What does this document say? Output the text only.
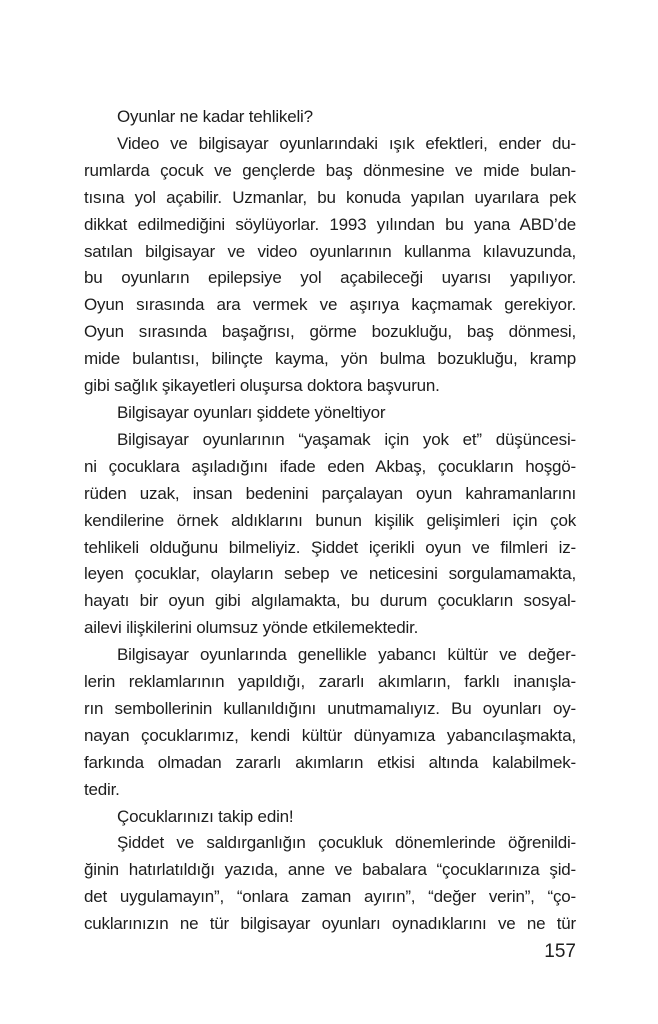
Oyunlar ne kadar tehlikeli?
Video ve bilgisayar oyunlarındaki ışık efektleri, ender du-
rumlarda çocuk ve gençlerde baş dönmesine ve mide bulan-
tısına yol açabilir. Uzmanlar, bu konuda yapılan uyarılara pek
dikkat edilmediğini söylüyorlar. 1993 yılından bu yana ABD’de
satılan bilgisayar ve video oyunlarının kullanma kılavuzunda,
bu oyunların epilepsiye yol açabileceği uyarısı yapılıyor.
Oyun sırasında ara vermek ve aşırıya kaçmamak gerekiyor.
Oyun sırasında başağrısı, görme bozukluğu, baş dönmesi,
mide bulantısı, bilinçte kayma, yön bulma bozukluğu, kramp
gibi sağlık şikayetleri oluşursa doktora başvurun.
Bilgisayar oyunları şiddete yöneltiyor
Bilgisayar oyunlarının “yaşamak için yok et” düşüncesi-
ni çocuklara aşıladığını ifade eden Akbaş, çocukların hoşgö-
rüden uzak, insan bedenini parçalayan oyun kahramanlarını
kendilerine örnek aldıklarını bunun kişilik gelişimleri için çok
tehlikeli olduğunu bilmeliyiz. Şiddet içerikli oyun ve filmleri iz-
leyen çocuklar, olayların sebep ve neticesini sorgulamamakta,
hayatı bir oyun gibi algılamakta, bu durum çocukların sosyal-
ailevi ilişkilerini olumsuz yönde etkilemektedir.
Bilgisayar oyunlarında genellikle yabancı kültür ve değer-
lerin reklamlarının yapıldığı, zararlı akımların, farklı inanışla-
rın sembollerinin kullanıldığını unutmamalıyız. Bu oyunları oy-
nayan çocuklarımız, kendi kültür dünyamıza yabancılaşmakta,
farkında olmadan zararlı akımların etkisi altında kalabilmek-
tedir.
Çocuklarınızı takip edin!
Şiddet ve saldırganlığın çocukluk dönemlerinde öğrenildi-
ğinin hatırlatıldığı yazıda, anne ve babalara “çocuklarınıza şid-
det uygulamayın”, “onlara zaman ayırın”, “değer verin”, “ço-
cuklarınızın ne tür bilgisayar oyunları oynadıklarını ve ne tür
157
